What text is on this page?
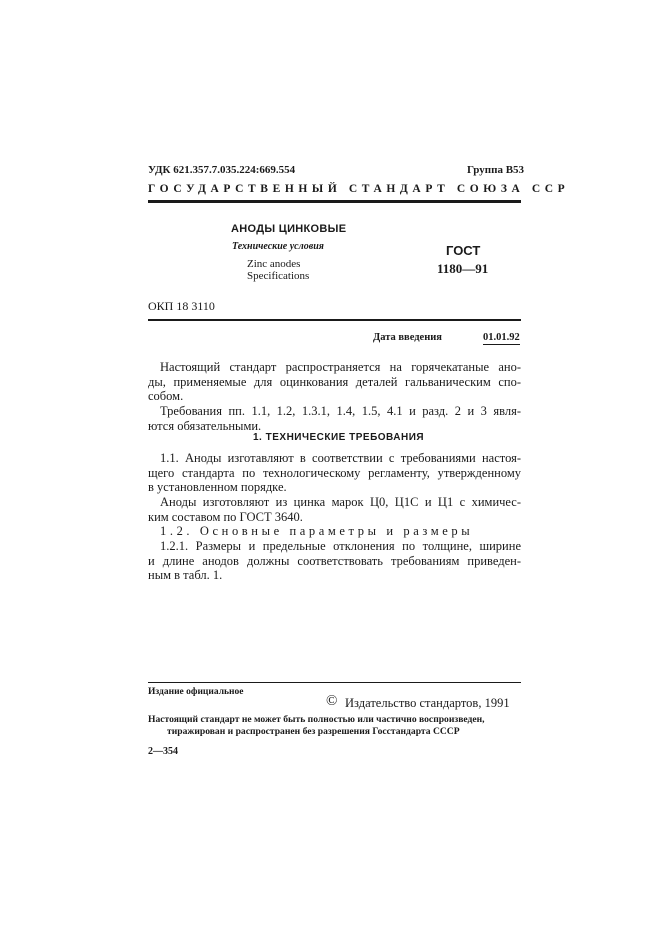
УДК 621.357.7.035.224:669.554	Группа В53
ГОСУДАРСТВЕННЫЙ СТАНДАРТ СОЮЗА ССР
АНОДЫ ЦИНКОВЫЕ
Технические условия
Zinc anodes
Specifications
ГОСТ
1180—91
ОКП 18 3110
Дата введения	01.01.92
Настоящий стандарт распространяется на горячекатаные ано-
ды, применяемые для оцинкования деталей гальваническим спо-
собом.
Требования пп. 1.1, 1.2, 1.3.1, 1.4, 1.5, 4.1 и разд. 2 и 3 явля-
ются обязательными.
1. ТЕХНИЧЕСКИЕ ТРЕБОВАНИЯ
1.1. Аноды изготавляют в соответствии с требованиями настоя-
щего стандарта по технологическому регламенту, утвержденному
в установленном порядке.
Аноды изготовляют из цинка марок Ц0, Ц1С и Ц1 с химичес-
ким составом по ГОСТ 3640.
1.2. Основные параметры и размеры
1.2.1. Размеры и предельные отклонения по толщине, ширине
и длине анодов должны соответствовать требованиям приведен-
ным в табл. 1.
Издание официальное
© Издательство стандартов, 1991
Настоящий стандарт не может быть полностью или частично воспроизведен,
тиражирован и распространен без разрешения Госстандарта СССР
2—354
